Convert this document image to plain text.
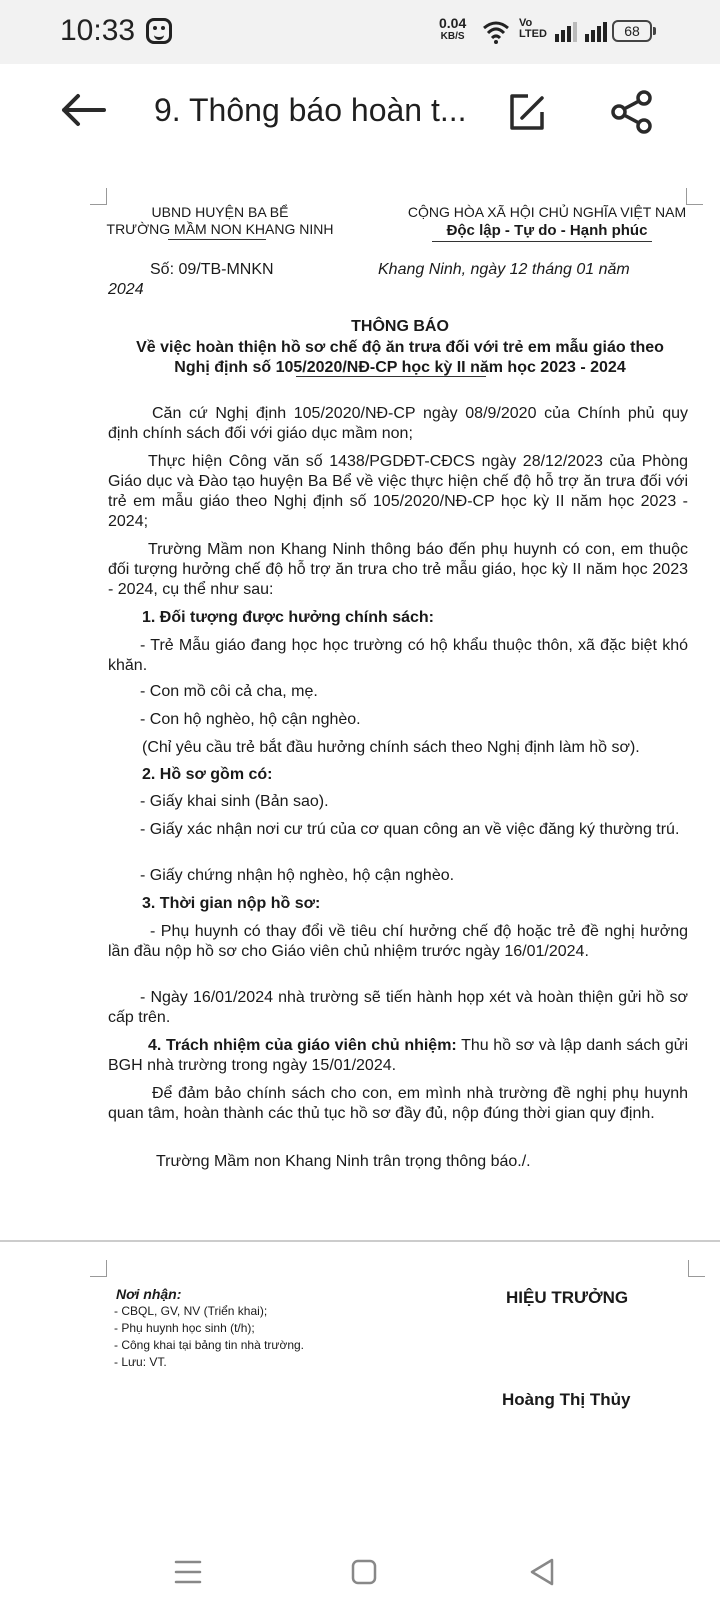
10:33	0.04
KB/S
Vo
LTED	68
9. Thông báo hoàn t...
UBND HUYỆN BA BỂ
TRƯỜNG MẦM NON KHANG NINH
CỘNG HÒA XÃ HỘI CHỦ NGHĨA VIỆT NAM
Độc lập - Tự do - Hạnh phúc
Số: 09/TB-MNKN	Khang Ninh, ngày 12 tháng 01 năm
2024
THÔNG BÁO
Về việc hoàn thiện hồ sơ chế độ ăn trưa đối với trẻ em mẫu giáo theo
Nghị định số 105/2020/NĐ-CP học kỳ II năm học 2023 - 2024
Căn cứ Nghị định 105/2020/NĐ-CP ngày 08/9/2020 của Chính phủ quy định chính sách đối với giáo dục mầm non;
Thực hiện Công văn số 1438/PGDĐT-CĐCS ngày 28/12/2023 của Phòng Giáo dục và Đào tạo huyện Ba Bể về việc thực hiện chế độ hỗ trợ ăn trưa đối với trẻ em mẫu giáo theo Nghị định số 105/2020/NĐ-CP học kỳ II năm học 2023 - 2024;
Trường Mầm non Khang Ninh thông báo đến phụ huynh có con, em thuộc đối tượng hưởng chế độ hỗ trợ ăn trưa cho trẻ mẫu giáo, học kỳ II năm học 2023 - 2024, cụ thể như sau:
1. Đối tượng được hưởng chính sách:
- Trẻ Mẫu giáo đang học học trường có hộ khẩu thuộc thôn, xã đặc biệt khó khăn.
- Con mồ côi cả cha, mẹ.
- Con hộ nghèo, hộ cận nghèo.
(Chỉ yêu cầu trẻ bắt đầu hưởng chính sách theo Nghị định làm hồ sơ).
2. Hồ sơ gồm có:
- Giấy khai sinh (Bản sao).
- Giấy xác nhận nơi cư trú của cơ quan công an về việc đăng ký thường trú.
- Giấy chứng nhận hộ nghèo, hộ cận nghèo.
3. Thời gian nộp hồ sơ:
- Phụ huynh có thay đổi về tiêu chí hưởng chế độ hoặc trẻ đề nghị hưởng lần đầu nộp hồ sơ cho Giáo viên chủ nhiệm trước ngày 16/01/2024.
- Ngày 16/01/2024 nhà trường sẽ tiến hành họp xét và hoàn thiện gửi hồ sơ cấp trên.
4. Trách nhiệm của giáo viên chủ nhiệm: Thu hồ sơ và lập danh sách gửi BGH nhà trường trong ngày 15/01/2024.
Để đảm bảo chính sách cho con, em mình nhà trường đề nghị phụ huynh quan tâm, hoàn thành các thủ tục hồ sơ đầy đủ, nộp đúng thời gian quy định.
Trường Mầm non Khang Ninh trân trọng thông báo./.
Nơi nhận:
- CBQL, GV, NV (Triển khai);
- Phụ huynh học sinh (t/h);
- Công khai tại bảng tin nhà trường.
- Lưu: VT.
HIỆU TRƯỞNG
Hoàng Thị Thủy
